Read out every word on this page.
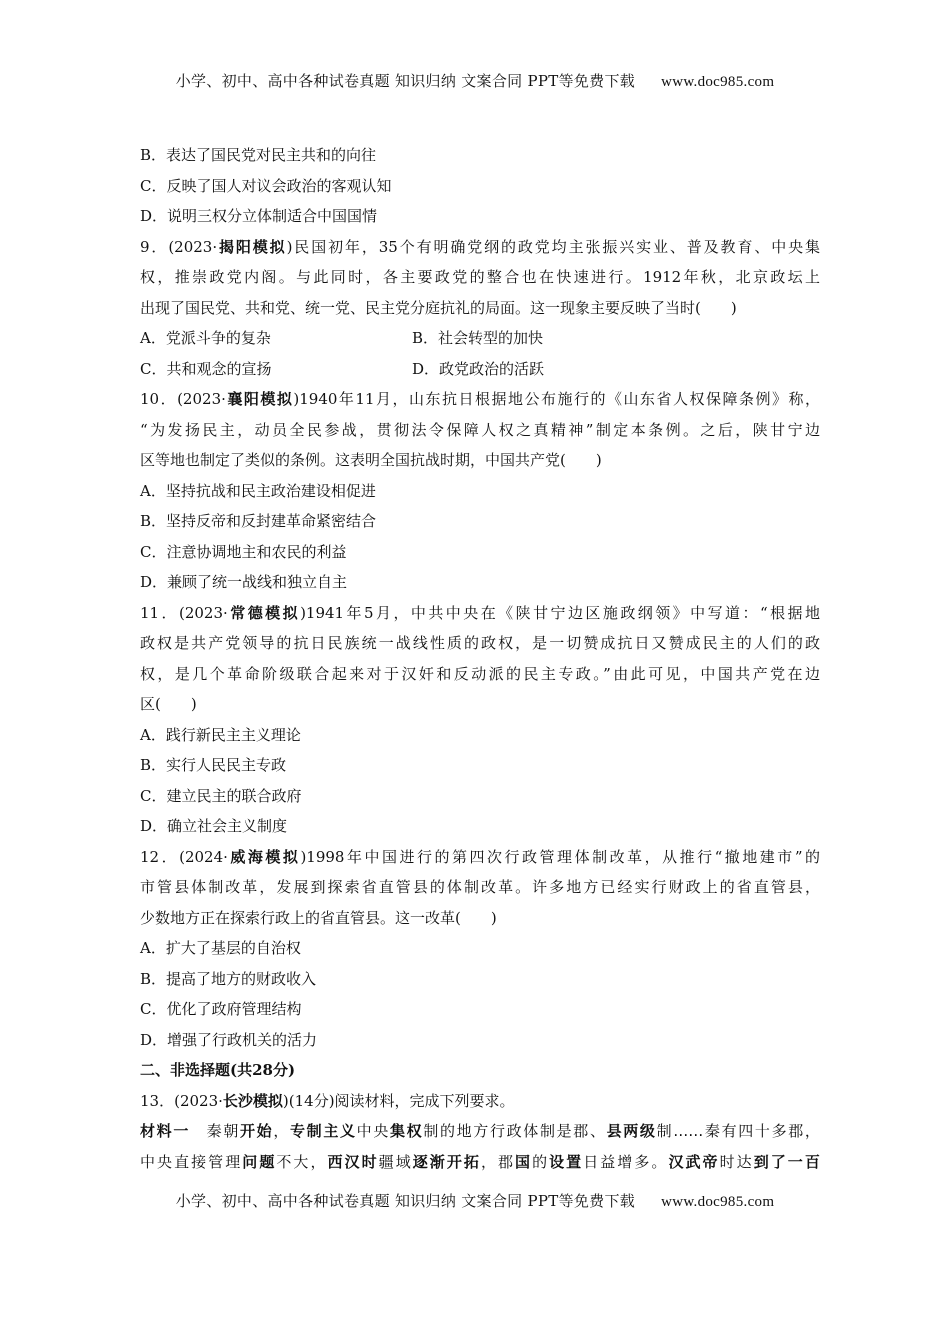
小学、初中、高中各种试卷真题 知识归纳 文案合同 PPT等免费下载 www.doc985.com
B．表达了国民党对民主共和的向往
C．反映了国人对议会政治的客观认知
D．说明三权分立体制适合中国国情
9．(2023·揭阳模拟)民国初年，35个有明确党纲的政党均主张振兴实业、普及教育、中央集
权，推崇政党内阁。与此同时，各主要政党的整合也在快速进行。1912年秋，北京政坛上
出现了国民党、共和党、统一党、民主党分庭抗礼的局面。这一现象主要反映了当时(　　)
A．党派斗争的复杂	B．社会转型的加快
C．共和观念的宣扬	D．政党政治的活跃
10．(2023·襄阳模拟)1940年11月，山东抗日根据地公布施行的《山东省人权保障条例》称，
“为发扬民主，动员全民参战，贯彻法令保障人权之真精神”制定本条例。之后，陕甘宁边
区等地也制定了类似的条例。这表明全国抗战时期，中国共产党(　　)
A．坚持抗战和民主政治建设相促进
B．坚持反帝和反封建革命紧密结合
C．注意协调地主和农民的利益
D．兼顾了统一战线和独立自主
11．(2023·常德模拟)1941年5月，中共中央在《陕甘宁边区施政纲领》中写道：“根据地
政权是共产党领导的抗日民族统一战线性质的政权，是一切赞成抗日又赞成民主的人们的政
权，是几个革命阶级联合起来对于汉奸和反动派的民主专政。”由此可见，中国共产党在边
区(　　)
A．践行新民主主义理论
B．实行人民民主专政
C．建立民主的联合政府
D．确立社会主义制度
12．(2024·威海模拟)1998年中国进行的第四次行政管理体制改革，从推行“撤地建市”的
市管县体制改革，发展到探索省直管县的体制改革。许多地方已经实行财政上的省直管县，
少数地方正在探索行政上的省直管县。这一改革(　　)
A．扩大了基层的自治权
B．提高了地方的财政收入
C．优化了政府管理结构
D．增强了行政机关的活力
二、非选择题(共28分)
13．(2023·长沙模拟)(14分)阅读材料，完成下列要求。
材料一　秦朝开始，专制主义中央集权制的地方行政体制是郡、县两级制……秦有四十多郡，
中央直接管理问题不大，西汉时疆域逐渐开拓，郡国的设置日益增多。汉武帝时达到了一百
小学、初中、高中各种试卷真题 知识归纳 文案合同 PPT等免费下载 www.doc985.com
